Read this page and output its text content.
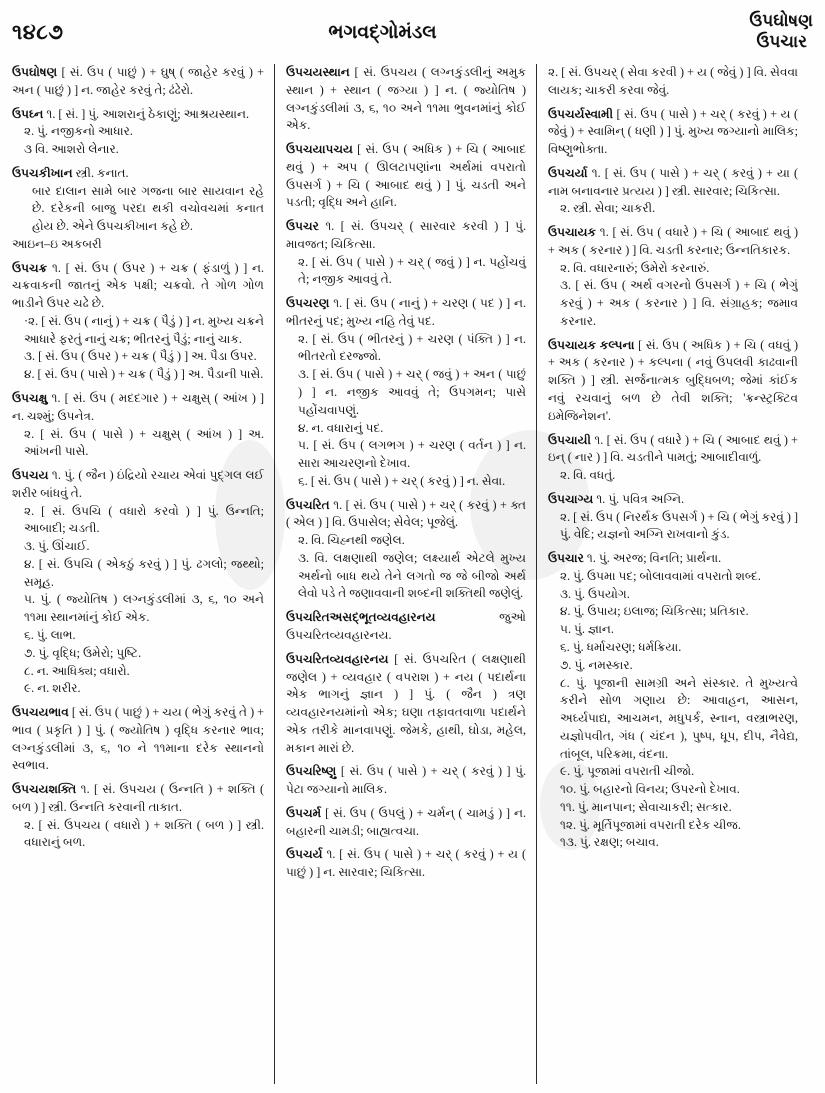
૧૪૮૭	ભગવદ્ગોમંડલ
ઉપઘોષણ
ઉપચાર

ઉપઘોષણ [ સં. ઉપ ( પાછું ) + ઘુષ્ ( જાહેર કરવું ) + અન ( પાછું ) ] ન. જાહેર કરવું તે; ઢંઢેરો.

ઉપઘ્ન ૧. [ સં. ] પું. આશરાનું ઠેકાણું; આશ્રયસ્થાન.

૨. પું. નજીકનો આધાર.

૩ વિ. આશરો લેનાર.

ઉપચકીખાન સ્ત્રી. કનાત.

બાર દાલાન સામે બાર ગજના બાર સાયવાન રહે છે. દરેકની બાજુ પરદા થકી વચોવચમાં કનાત હોય છે. એને ઉપચકીખાન કહે છે.

આઇન–ઇ અકબરી

ઉપચક્ર ૧. [ સં. ઉપ ( ઉપર ) + ચક્ર ( ફંડાળું ) ] ન. ચક્રવાકની જાતનું એક પક્ષી; ચક્રવો. તે ગોળ ગોળ ભાડીને ઉપર ચઢે છે.

·૨. [ સં. ઉપ ( નાનું ) + ચક્ર ( પૈડું ) ] ન. મુખ્ય ચક્રને આધારે ફરતું નાનું ચક્ર; ભીતરનું પૈડું; નાનું ચાક.

૩. [ સં. ઉપ ( ઉપર ) + ચક્ર ( પૈડું ) ] અ. પૈડા ઉપર.

૪. [ સં. ઉપ ( પાસે ) + ચક્ર ( પૈડું ) ] અ. પૈડાની પાસે.

ઉપચક્ષુ ૧. [ સં. ઉપ ( મદદગાર ) + ચક્ષુસ્ ( આંખ ) ] ન. ચશ્મું; ઉપનેત્ર.

૨. [ સં. ઉપ ( પાસે ) + ચક્ષુસ્ ( આંખ ) ] અ. આંખની પાસે.

ઉપચય ૧. પું. ( જૈન ) ઇંદ્રિયો રચાય એવાં પુદ્ગલ લઈ શરીર બાંધવું તે.

૨. [ સં. ઉપચિ ( વધારો કરવો ) ] પું. ઉન્નતિ; આબાદી; ચડતી.

૩. પું. ઊંચાઈ.

૪. [ સં. ઉપચિ ( એકઠું કરવું ) ] પું. ઢગલો; જથ્થો; સમૂહ.

૫. પું. ( જ્યોતિષ ) લગ્નકુંડલીમાં ૩, ૬, ૧૦ અને ૧૧મા સ્થાનમાંનું કોઈ એક.

૬. પું. લાભ.

૭. પું. વૃદ્ધિ; ઉમેરો; પુષ્ટિ.

૮. ન. આધિક્ય; વધારો.

૯. ન. શરીર.

ઉપચયભાવ [ સં. ઉપ ( પાછું ) + ચય ( ભેગું કરવું તે ) + ભાવ ( પ્રકૃતિ ) ] પું. ( જ્યોતિષ ) વૃદ્ધિ કરનાર ભાવ; લગ્નકુંડલીમાં ૩, ૬, ૧૦ ને ૧૧માના દરેક સ્થાનનો સ્વભાવ.

ઉપચયશક્તિ ૧. [ સં. ઉપચય ( ઉન્નતિ ) + શક્તિ ( બળ ) ] સ્ત્રી. ઉન્નતિ કરવાની તાકાત.

૨. [ સં. ઉપચય ( વધારો ) + શક્તિ ( બળ ) ] સ્ત્રી. વધારાનું બળ.

ઉપચયસ્થાન [ સં. ઉપચય ( લગ્નકુંડલીનું અમુક સ્થાન ) + સ્થાન ( જગ્યા ) ] ન. ( જ્યોતિષ ) લગ્નકુંડલીમાં ૩, ૬, ૧૦ અને ૧૧મા ભુવનમાંનું કોઈ એક.

ઉપચયાપચય [ સં. ઉપ ( અધિક ) + ચિ ( આબાદ થવું ) + અપ ( ઊલટાપણાંના અર્થમાં વપરાતો ઉપસર્ગ ) + ચિ ( આબાદ થવું ) ] પું. ચડતી અને પડતી; વૃદ્ધિ અને હાનિ.

ઉપચર ૧. [ સં. ઉપચર્ ( સારવાર કરવી ) ] પું. માવજત; ચિકિત્સા.

૨. [ સં. ઉપ ( પાસે ) + ચર્ ( જવું ) ] ન. પહોંચવું તે; નજીક આવવું તે.

ઉપચરણ ૧. [ સં. ઉપ ( નાનું ) + ચરણ ( પદ ) ] ન. ભીતરનું પદ; મુખ્ય નહિ તેવું પદ.

૨. [ સં. ઉપ ( ભીતરનું ) + ચરણ ( પંક્તિ ) ] ન. ભીતરતો દરજ્જો.

૩. [ સં. ઉપ ( પાસે ) + ચર્ ( જવું ) + અન ( પાછું ) ] ન. નજીક આવવું તે; ઉપગમન; પાસે પહોંચવાપણું.

૪. ન. વધારાનું પદ.

૫. [ સં. ઉપ ( લગભગ ) + ચરણ ( વર્તન ) ] ન. સારા આચરણનો દેખાવ.

૬. [ સં. ઉપ ( પાસે ) + ચર્ ( કરવું ) ] ન. સેવા.

ઉપચરિત ૧. [ સં. ઉપ ( પાસે ) + ચર્ ( કરવું ) + ક્ત ( એલ ) ] વિ. ઉપાસેલ; સેવેલ; પૂજેલું.

૨. વિ. ચિહ્નથી જણેલ.

૩. વિ. લક્ષણાથી જણેલ; લક્ષ્યાર્થ એટલે મુખ્ય અર્થનો બાધ થયે તેને લગતો જ જે બીજો અર્થ લેવો પડે તે જણાવવાની શબ્દની શક્તિથી જણેલું.

ઉપચરિતઅસદ્ભૂતવ્યવહારનય	જુઓ
ઉપચરિતવ્યવહારનય.

ઉપચરિતવ્યવહારનય [ સં. ઉપચરિત ( લક્ષણાથી જણેલ ) + વ્યવહાર ( વપરાશ ) + નય ( પદાર્થના એક ભાગનું જ્ઞાન ) ] પું. ( જૈન ) ત્રણ વ્યવહારનયમાંનો એક; ઘણા તફાવતવાળા પદાર્થને એક તરીકે માનવાપણું. જેમકે, હાથી, ઘોડા, મહેલ, મકાન મારાં છે.

ઉપચરિષ્ણુ [ સં. ઉપ ( પાસે ) + ચર્ ( કરવું ) ] પું. પેટા જગ્યાનો માલિક.

ઉપચર્મ [ સં. ઉપ ( ઉપલું ) + ચર્મન્ ( ચામડું ) ] ન. બહારની ચામડી; બાહ્યત્વચા.

ઉપચર્ય ૧. [ સં. ઉપ ( પાસે ) + ચર્ ( કરવું ) + ય ( પાછું ) ] ન. સારવાર; ચિકિત્સા.

૨. [ સં. ઉપચર્ ( સેવા કરવી ) + ય ( જેવું ) ] વિ. સેવવા લાયક; ચાકરી કરવા જેવું.

ઉપચર્યસ્વામી [ સં. ઉપ ( પાસે ) + ચર્ ( કરવું ) + ય ( જેવું ) + સ્વામિન્ ( ધણી ) ] પું. મુખ્ય જગ્યાનો માલિક; વિષ્ણુભોક્તા.

ઉપચર્યા ૧. [ સં. ઉપ ( પાસે ) + ચર્ ( કરવું ) + યા ( નામ બનાવનાર પ્રત્યય ) ] સ્ત્રી. સારવાર; ચિકિત્સા.

૨. સ્ત્રી. સેવા; ચાકરી.

ઉપચાયક ૧. [ સં. ઉપ ( વધારે ) + ચિ ( આબાદ થવું ) + અક ( કરનાર ) ] વિ. ચડતી કરનાર; ઉન્નતિકારક.

૨. વિ. વધારનારું; ઉમેરો કરનારું.

૩. [ સં. ઉપ ( અર્થ વગરનો ઉપસર્ગ ) + ચિ ( ભેગું કરવું ) + અક ( કરનાર ) ] વિ. સંગ્રાહક; જમાવ કરનાર.

ઉપચાયક કલ્પના [ સં. ઉપ ( અધિક ) + ચિ ( વધવું ) + અક ( કરનાર ) + કલ્પના ( નવું ઉપલવી કાઢવાની શક્તિ ) ] સ્ત્રી. સર્જનાત્મક બુદ્ધિબળ; જેમાં કાંઈક નવું રચવાનું બળ છે તેવી શક્તિ; 'ક્રન્સ્ટ્રક્ટિવ ઇમેજિનેશન'.

ઉપચાયી ૧. [ સં. ઉપ ( વધારે ) + ચિ ( આબાદ થવું ) + ઇન્ ( નાર ) ] વિ. ચડતીને પામતું; આબાદીવાળું.

૨. વિ. વધતું.

ઉપચાગ્ય ૧. પું. પવિત્ર અગ્નિ.

૨. [ સં. ઉપ ( નિરર્થક ઉપસર્ગ ) + ચિ ( ભેગું કરવું ) ] પું. વેદિ; યજ્ઞનો અગ્નિ રાખવાનો કુંડ.

ઉપચાર ૧. પું. અરજ; વિનતિ; પ્રાર્થના.

૨. પું. ઉપમા પદ; બોલાવવામાં વપરાતો શબ્દ.

૩. પું. ઉપયોગ.

૪. પું. ઉપાય; ઇલાજ; ચિકિત્સા; પ્રતિકાર.

૫. પું. જ્ઞાન.

૬. પું. ધર્માચરણ; ધર્મક્રિયા.

૭. પું. નમસ્કાર.

૮. પું. પૂજાની સામગ્રી અને સંસ્કાર. તે મુખ્યત્વે કરીને સોળ ગણાય છે: આવાહન, આસન, અર્ઘ્યપાદ્ય, આચમન, મધુપર્ક, સ્નાન, વસ્ત્રાભરણ, યજ્ઞોપવીત, ગંધ ( ચંદન ), પુષ્પ, ધૂપ, દીપ, નૈવેદ્ય, તાંબૂલ, પરિક્રમા, વંદના.

૯. પું. પૂજામાં વપરાતી ચીજો.

૧૦. પું. બહારનો વિનય; ઉપરનો દેખાવ.

૧૧. પું. માનપાન; સેવાચાકરી; સત્કાર.

૧૨. પું. મૂર્તિપૂજામાં વપરાતી દરેક ચીજ.

૧૩. પું. રક્ષણ; બચાવ.
